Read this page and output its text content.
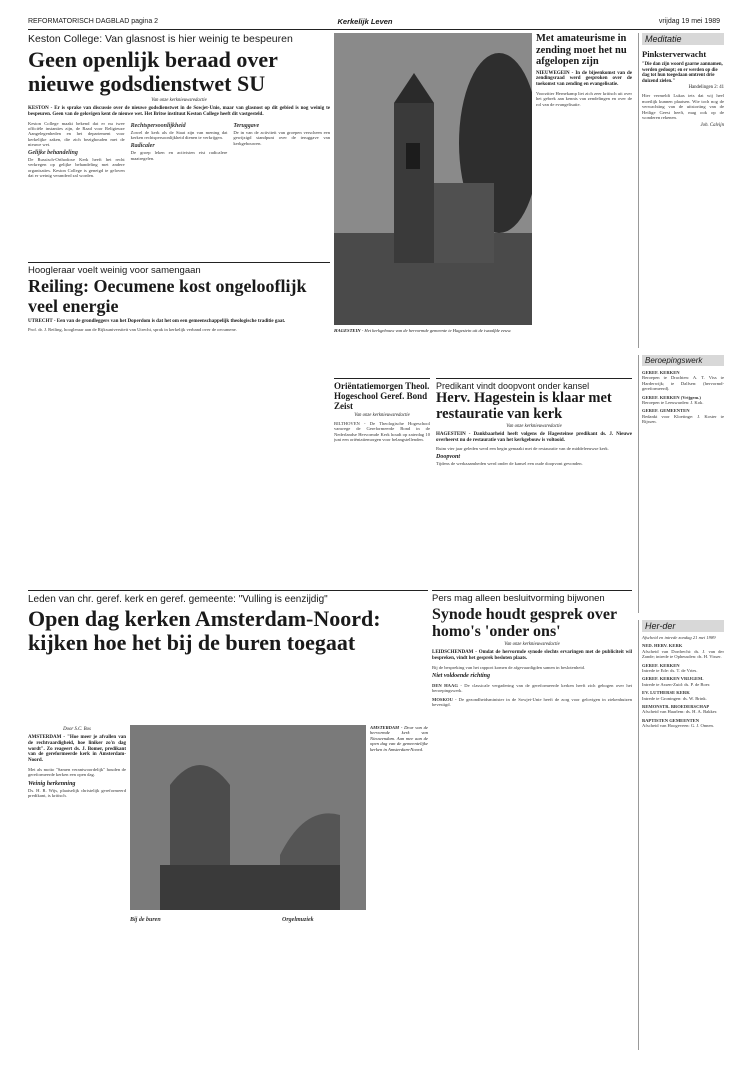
REFORMATORISCH DAGBLAD pagina 2	Kerkelijk Leven	vrijdag 19 mei 1989
Keston College: Van glasnost is hier weinig te bespeuren
Geen openlijk beraad over nieuwe godsdienstwet SU
Van onze kerknieuwsredactie
KESTON - Er is sprake van discussie over de nieuwe godsdienstwet in de Sowjet-Unie, maar van glasnost op dit gebied is nog weinig te bespeuren. Geen van de gelovigen kent de nieuwe wet. Het Britse instituut Keston College heeft dit vastgesteld.

Keston College maakt bekend dat er nu twee officiële instanties zijn, de Raad voor Religieuze Aangelegenheden en het departement voor kerkelijke zaken, die zich bezighouden met de nieuwe wet.

Gelijke behandeling

De Russisch-Orthodoxe Kerk heeft het recht verkregen op gelijke behandeling met andere organisaties. Keston College is geneigd te geloven dat er weinig veranderd zal worden.

Rechtspersoonlijkheid

Zowel de kerk als de Staat zijn van mening dat kerken rechtspersoonlijkheid dienen te verkrijgen.

Radicaler

De groep leken en activisten eist radicalere maatregelen.

Teruggave

De in van de activiteit van groepen verscheen een gewijzigd standpunt over de teruggave van kerkgebouwen.

HAGESTEIN - Het kerkgebouw van de hervormde gemeente te Hagestein uit de twaalfde eeuw.
Met amateurisme in zending moet het nu afgelopen zijn
NIEUWEGEIN - In de bijeenkomst van de zendingsraad werd gesproken over de toekomst van zending en evangelisatie.
Voorzitter Hernekamp liet zich zeer kritisch uit over het gebrek aan kennis van zendelingen en over de rol van de evangelisatie.
Meditatie
Pinksterverwacht
"Die dan zijn woord gaarne aannamen, werden gedoopt; en er werden op die dag tot hun toegedaan omtrent drie duizend zielen."
Handelingen 2: 41
Hier vermeldt Lukas iets dat wij heel moeilijk kunnen plaatsen. Wie toch nog de verwachting van de uitstorting van de Heilige Geest heeft, mag ook op de wonderen rekenen.
Joh. Calvijn
Beroepingswerk
GEREF. KERKEN

Beroepen te Drachten: A. T. Viss te Harderwijk; te Dalfsen: (hervormd-gereformeerd).

GEREF. KERKEN (Vrijgem.)

Beroepen te Leeuwarden: J. Kok.

GEREF. GEMEENTEN

Bedankt voor Kloetinge: J. Koster te Rijssen.

Her-der
Afscheid en intrede zondag 21 mei 1989
NED. HERV. KERK

Afscheid van Dordrecht: ds. J. van der Zande; intrede te Opheusden: ds. H. Visser.

GEREF. KERKEN

Intrede te Ede: ds. T. de Vries.

GEREF. KERKEN VRIJGEM.

Intrede te Assen-Zuid: ds. P. de Boer.

EV. LUTHERSE KERK

Intrede te Groningen: ds. W. Brink.

REMONSTR. BROEDERSCHAP

Afscheid van Haarlem: ds. H. A. Bakker.

BAPTISTEN GEMEENTEN

Afscheid van Hoogeveen: G. J. Onnen.

Oriëntatiemorgen Theol. Hogeschool Geref. Bond Zeist
Van onze kerknieuwsredactie
BILTHOVEN - De Theologische Hogeschool vanwege de Gereformeerde Bond in de Nederlandse Hervormde Kerk houdt op zaterdag 10 juni een oriëntatiemorgen voor belangstellenden.
Predikant vindt doopvont onder kansel
Herv. Hagestein is klaar met restauratie van kerk
Van onze kerknieuwsredactie
HAGESTEIN - Dankbaarheid heeft volgens de Hagesteinse predikant ds. J. Nieuwe overheerst nu de restauratie van het kerkgebouw is voltooid.
Ruim vier jaar geleden werd een begin gemaakt met de restauratie van de middeleeuwse kerk.
Doopvont
Tijdens de werkzaamheden werd onder de kansel een oude doopvont gevonden.
Hoogleraar voelt weinig voor samengaan
Reiling: Oecumene kost ongelooflijk veel energie
UTRECHT - Een van de grondleggers van het Doperdom is dat het om een gemeenschappelijk theologische traditie gaat.
Prof. dr. J. Reiling, hoogleraar aan de Rijksuniversiteit van Utrecht, sprak in kerkelijk verband over de oecumene.
Leden van chr. geref. kerk en geref. gemeente: "Vulling is eenzijdig"
Open dag kerken Amsterdam-Noord: kijken hoe het bij de buren toegaat
Door S.C. Bos
AMSTERDAM - "Hoe meer je afvallen van de rechtvaardigheid, hoe liniker zo'n dag wordt". Zo reageert ds. J. Bomer, predikant van de gereformeerde kerk in Amsterdam-Noord.
Met als motto "Samen verantwoordelijk" houden de gereformeerde kerken een open dag.
Weinig herkenning
Ds. H. R. Wijs, plaatselijk christelijk gereformeerd predikant, is kritisch.
AMSTERDAM - Deur van de hervormde kerk van Nieuwendam. Aan mee aan de open dag van de gemeentelijke kerken in Amsterdam-Noord.
Bij de buren	Orgelmuziek
Pers mag alleen besluitvorming bijwonen
Synode houdt gesprek over homo's 'onder ons'
Van onze kerknieuwsredactie
LEIDSCHENDAM - Omdat de hervormde synode slechts ervaringen met de publiciteit wil bespreken, vindt het gesprek besloten plaats.
Bij de bespreking van het rapport komen de afgevaardigden samen in beslotenheid.
Niet voldoende richting
DEN HAAG - De classicale vergadering van de gereformeerde kerken heeft zich gebogen over het beroepingswerk.
MOSKOU - De gezondheidsminister in de Sowjet-Unie heeft de zorg voor gelovigen in ziekenhuizen bevestigd.
